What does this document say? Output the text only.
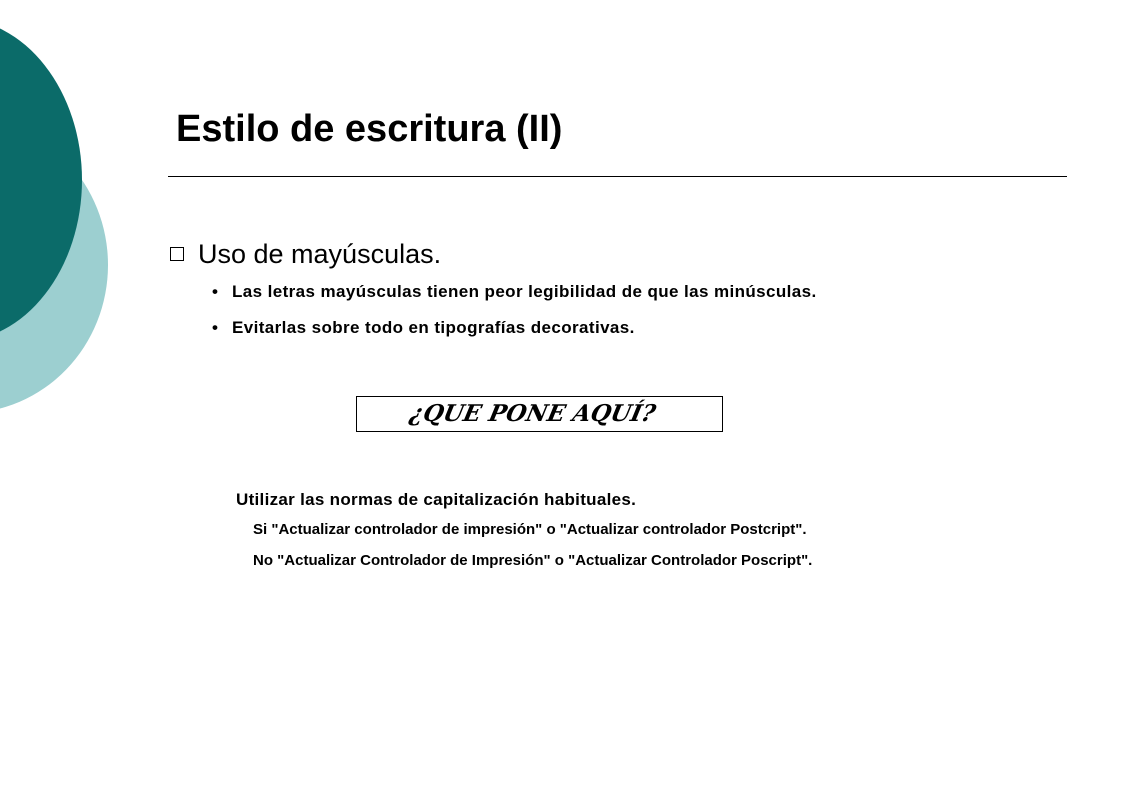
Estilo de escritura (II)
Uso de mayúsculas.
• Las letras mayúsculas tienen peor legibilidad de que las minúsculas.
• Evitarlas sobre todo en tipografías decorativas.
¿QUE PONE AQUÍ?
Utilizar las normas de capitalización habituales.
Si "Actualizar controlador de impresión" o "Actualizar controlador Postcript".
No "Actualizar Controlador de Impresión" o "Actualizar Controlador Poscript".
